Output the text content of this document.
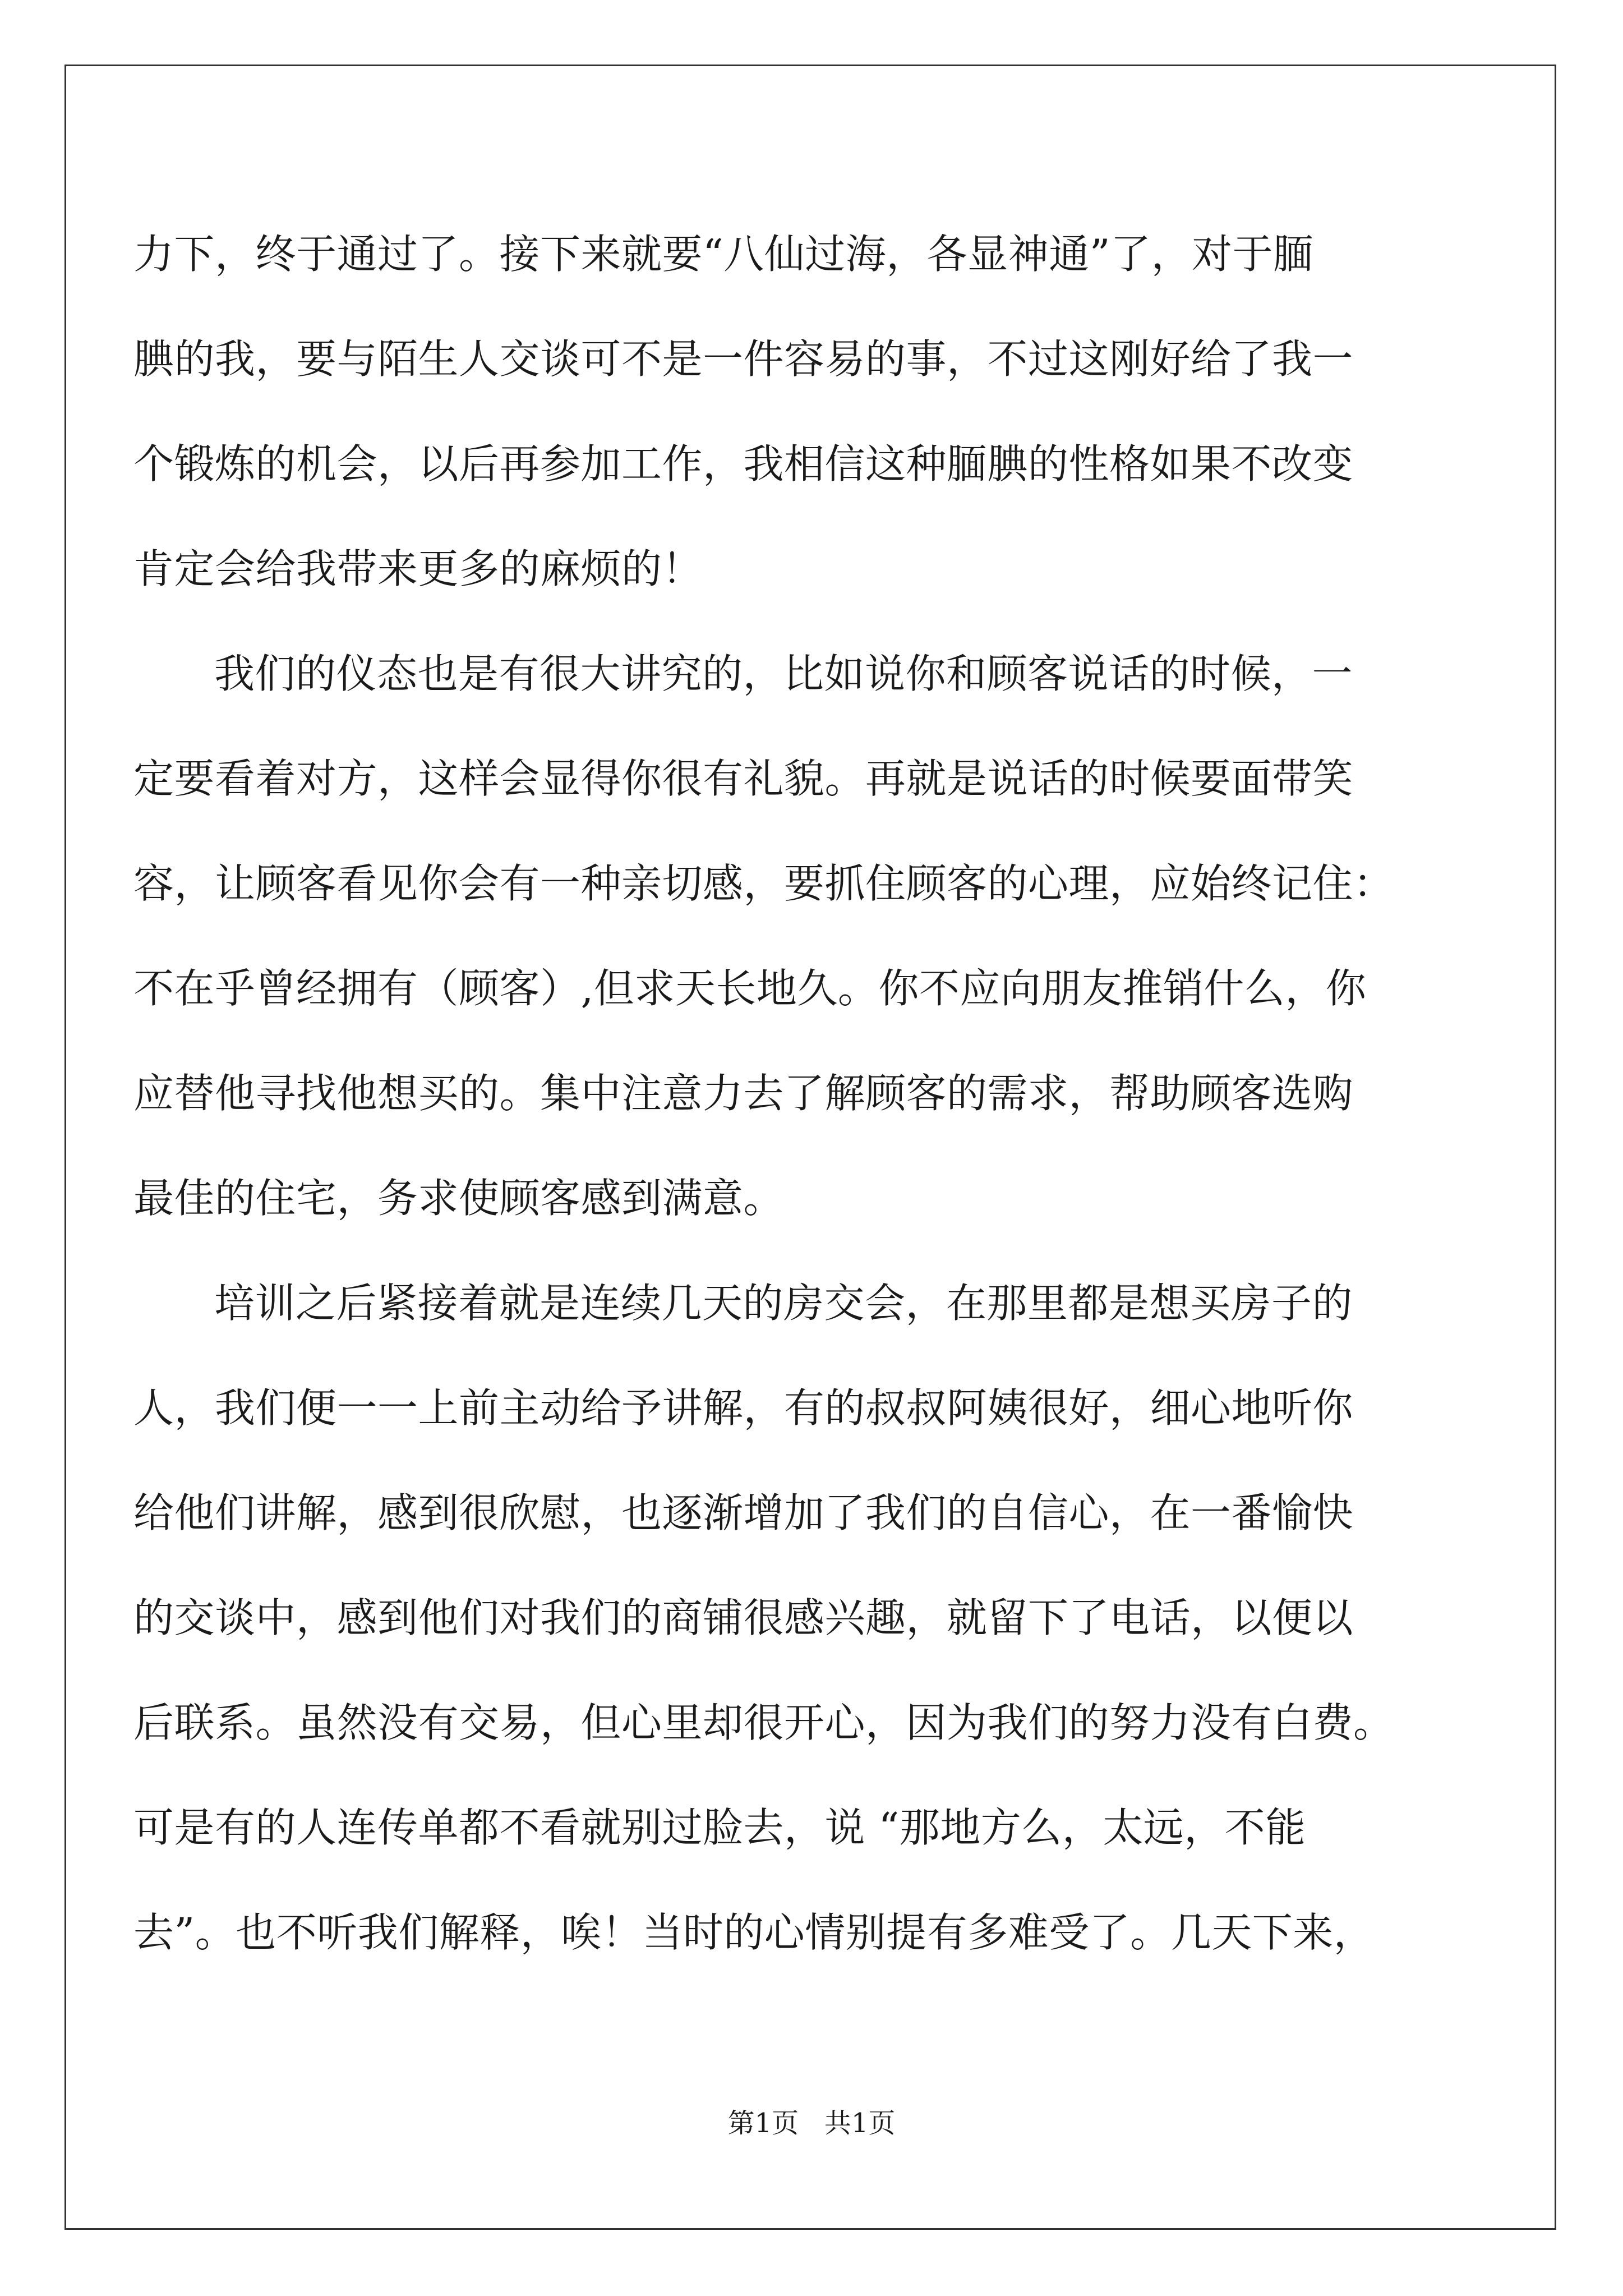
力下，终于通过了。接下来就要“八仙过海，各显神通”了，对于腼
腆的我，要与陌生人交谈可不是一件容易的事，不过这刚好给了我一
个锻炼的机会，以后再参加工作，我相信这种腼腆的性格如果不改变
肯定会给我带来更多的麻烦的！
我们的仪态也是有很大讲究的，比如说你和顾客说话的时候，一
定要看着对方，这样会显得你很有礼貌。再就是说话的时候要面带笑
容，让顾客看见你会有一种亲切感，要抓住顾客的心理，应始终记住：
不在乎曾经拥有（顾客）,但求天长地久。你不应向朋友推销什么，你
应替他寻找他想买的。集中注意力去了解顾客的需求，帮助顾客选购
最佳的住宅，务求使顾客感到满意。
培训之后紧接着就是连续几天的房交会，在那里都是想买房子的
人，我们便一一上前主动给予讲解，有的叔叔阿姨很好，细心地听你
给他们讲解，感到很欣慰，也逐渐增加了我们的自信心，在一番愉快
的交谈中，感到他们对我们的商铺很感兴趣，就留下了电话，以便以
后联系。虽然没有交易，但心里却很开心，因为我们的努力没有白费。
可是有的人连传单都不看就别过脸去，说 “那地方么，太远，不能
去”。也不听我们解释，唉！当时的心情别提有多难受了。几天下来，
第1页 共1页
